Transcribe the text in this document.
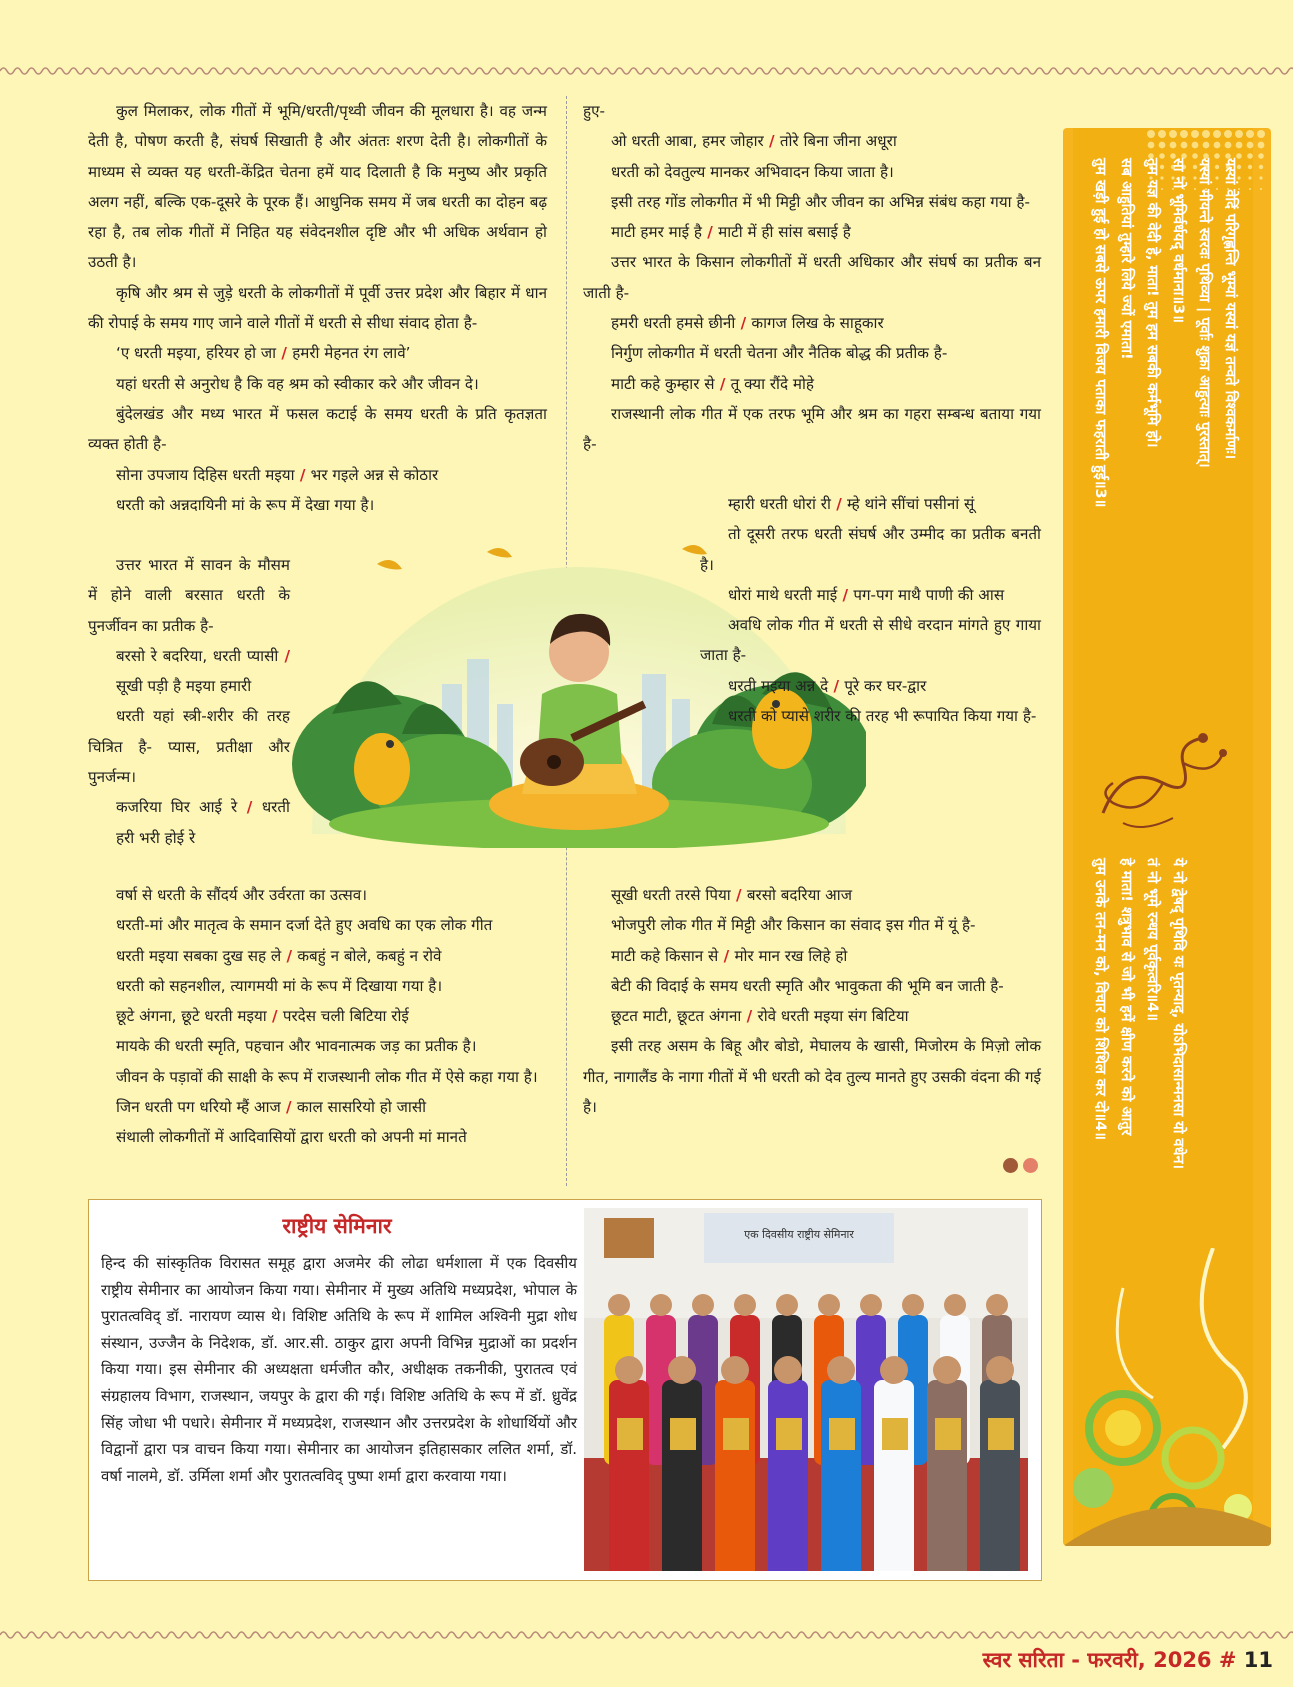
कुल मिलाकर, लोक गीतों में भूमि/धरती/पृथ्वी जीवन की मूलधारा है। वह जन्म देती है, पोषण करती है, संघर्ष सिखाती है और अंततः शरण देती है। लोकगीतों के माध्यम से व्यक्त यह धरती-केंद्रित चेतना हमें याद दिलाती है कि मनुष्य और प्रकृति अलग नहीं, बल्कि एक-दूसरे के पूरक हैं। आधुनिक समय में जब धरती का दोहन बढ़ रहा है, तब लोक गीतों में निहित यह संवेदनशील दृष्टि और भी अधिक अर्थवान हो उठती है।

कृषि और श्रम से जुड़े धरती के लोकगीतों में पूर्वी उत्तर प्रदेश और बिहार में धान की रोपाई के समय गाए जाने वाले गीतों में धरती से सीधा संवाद होता है-

‘ए धरती मइया, हरियर हो जा / हमरी मेहनत रंग लावे’

यहां धरती से अनुरोध है कि वह श्रम को स्वीकार करे और जीवन दे।

बुंदेलखंड और मध्य भारत में फसल कटाई के समय धरती के प्रति कृतज्ञता व्यक्त होती है-

सोना उपजाय दिहिस धरती मइया / भर गइले अन्न से कोठार

धरती को अन्नदायिनी मां के रूप में देखा गया है।

उत्तर भारत में सावन के मौसम में होने वाली बरसात धरती के पुनर्जीवन का प्रतीक है-

बरसो रे बदरिया, धरती प्यासी / सूखी पड़ी है मइया हमारी

धरती यहां स्त्री-शरीर की तरह चित्रित है- प्यास, प्रतीक्षा और पुनर्जन्म।

कजरिया घिर आई रे / धरती हरी भरी होई रे

वर्षा से धरती के सौंदर्य और उर्वरता का उत्सव।

धरती-मां और मातृत्व के समान दर्जा देते हुए अवधि का एक लोक गीत

धरती मइया सबका दुख सह ले / कबहुं न बोले, कबहुं न रोवे

धरती को सहनशील, त्यागमयी मां के रूप में दिखाया गया है।

छूटे अंगना, छूटे धरती मइया / परदेस चली बिटिया रोई

मायके की धरती स्मृति, पहचान और भावनात्मक जड़ का प्रतीक है।

जीवन के पड़ावों की साक्षी के रूप में राजस्थानी लोक गीत में ऐसे कहा गया है।

जिन धरती पग धरियो म्हैं आज / काल सासरियो हो जासी

संथाली लोकगीतों में आदिवासियों द्वारा धरती को अपनी मां मानते

हुए-

ओ धरती आबा, हमर जोहार / तोरे बिना जीना अधूरा

धरती को देवतुल्य मानकर अभिवादन किया जाता है।

इसी तरह गोंड लोकगीत में भी मिट्टी और जीवन का अभिन्न संबंध कहा गया है-

माटी हमर माई है / माटी में ही सांस बसाई है

उत्तर भारत के किसान लोकगीतों में धरती अधिकार और संघर्ष का प्रतीक बन जाती है-

हमरी धरती हमसे छीनी / कागज लिख के साहूकार

निर्गुण लोकगीत में धरती चेतना और नैतिक बोद्ध की प्रतीक है-

माटी कहे कुम्हार से / तू क्या रौंदे मोहे

राजस्थानी लोक गीत में एक तरफ भूमि और श्रम का गहरा सम्बन्ध बताया गया है-

म्हारी धरती धोरां री / म्हे थांने सींचां पसीनां सूं

तो दूसरी तरफ धरती संघर्ष और उम्मीद का प्रतीक बनती है।

धोरां माथे धरती माई / पग-पग माथै पाणी की आस

अवधि लोक गीत में धरती से सीधे वरदान मांगते हुए गाया जाता है-

धरती मइया अन्न दे / पूरे कर घर-द्वार

धरती को प्यासे शरीर की तरह भी रूपायित किया गया है-

सूखी धरती तरसे पिया / बरसो बदरिया आज

भोजपुरी लोक गीत में मिट्टी और किसान का संवाद इस गीत में यूं है-

माटी कहे किसान से / मोर मान रख लिहे हो

बेटी की विदाई के समय धरती स्मृति और भावुकता की भूमि बन जाती है-

छूटत माटी, छूटत अंगना / रोवे धरती मइया संग बिटिया

इसी तरह असम के बिहू और बोडो, मेघालय के खासी, मिजोरम के मिज़ो लोक गीत, नागालैंड के नागा गीतों में भी धरती को देव तुल्य मानते हुए उसकी वंदना की गई है।

यस्यां वेदिं परिगृह्णन्ति भूम्यां यस्यां यज्ञं तन्वते विश्वकर्माणः।
यस्यां मीयन्ते स्वरवः पृथिव्या | पूर्वाः शुक्रा आहुत्याः पुरस्तात्।
सा नो भूमिर्वर्धयद् वर्धमाना॥3॥
तुम यज्ञ की वेदी हे, माता! तुम हम सबकी कर्मभूमि हो।
सब आहुतियां तुम्हारे लिये ज्यों एमाता!
तुम खड़ी हुई हो सबसे ऊपर हमारी विजय पताका फहराती हुई॥3॥
ये नो द्वेषद् पृथिवि यः पृतन्याद्, योऽभिदासान्मनसा यो वधेन।
तं नो भूमे रन्धय पूर्वकृत्वरि॥4॥
हे माता! शत्रुभाव से जो भी हमें क्षीण करने को आतुर
तुम उनके तन-मन को, विचार को शिथिल कर दो॥4॥
राष्ट्रीय सेमिनार
हिन्द की सांस्कृतिक विरासत समूह द्वारा अजमेर की लोढा धर्मशाला में एक दिवसीय राष्ट्रीय सेमीनार का आयोजन किया गया। सेमीनार में मुख्य अतिथि मध्यप्रदेश, भोपाल के पुरातत्वविद् डॉ. नारायण व्यास थे। विशिष्ट अतिथि के रूप में शामिल अश्विनी मुद्रा शोध संस्थान, उज्जैन के निदेशक, डॉ. आर.सी. ठाकुर द्वारा अपनी विभिन्न मुद्राओं का प्रदर्शन किया गया। इस सेमीनार की अध्यक्षता धर्मजीत कौर, अधीक्षक तकनीकी, पुरातत्व एवं संग्रहालय विभाग, राजस्थान, जयपुर के द्वारा की गई। विशिष्ट अतिथि के रूप में डॉ. ध्रुवेंद्र सिंह जोधा भी पधारे। सेमीनार में मध्यप्रदेश, राजस्थान और उत्तरप्रदेश के शोधार्थियों और विद्वानों द्वारा पत्र वाचन किया गया। सेमीनार का आयोजन इतिहासकार ललित शर्मा, डॉ. वर्षा नालमे, डॉ. उर्मिला शर्मा और पुरातत्वविद् पुष्पा शर्मा द्वारा करवाया गया।
एक दिवसीय राष्ट्रीय सेमिनार
स्वर सरिता - फरवरी, 2026 # 11
